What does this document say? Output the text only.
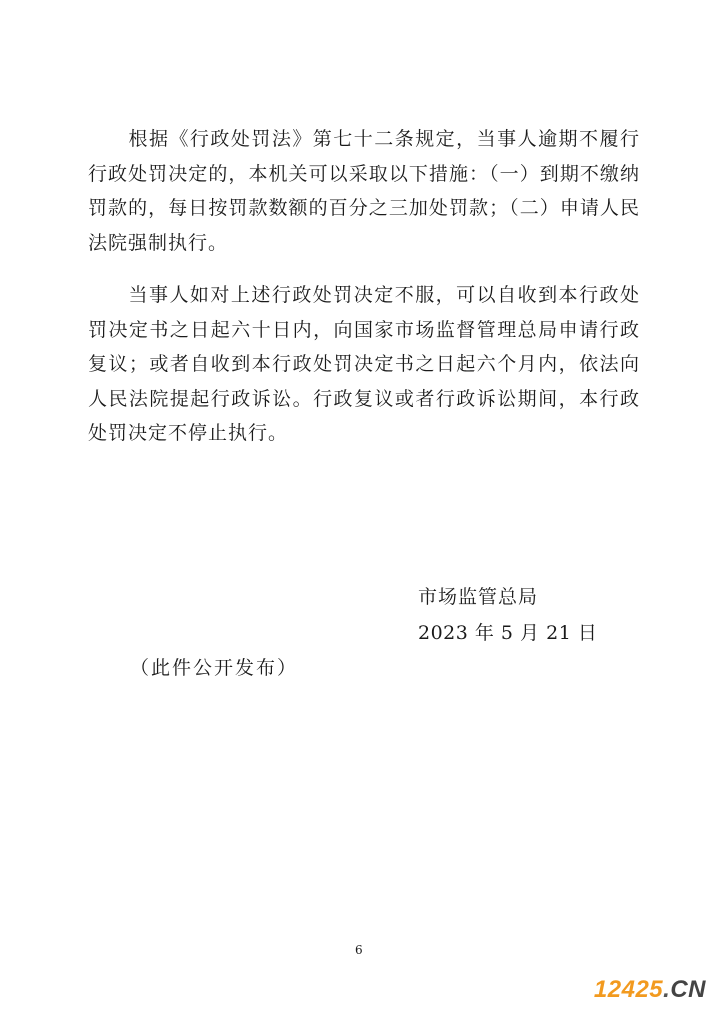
根据《行政处罚法》第七十二条规定，当事人逾期不履行行政处罚决定的，本机关可以采取以下措施：（一）到期不缴纳罚款的，每日按罚款数额的百分之三加处罚款；（二）申请人民法院强制执行。

当事人如对上述行政处罚决定不服，可以自收到本行政处罚决定书之日起六十日内，向国家市场监督管理总局申请行政复议；或者自收到本行政处罚决定书之日起六个月内，依法向人民法院提起行政诉讼。行政复议或者行政诉讼期间，本行政处罚决定不停止执行。

市场监管总局
2023 年 5 月 21 日
（此件公开发布）
6
12425.CN
